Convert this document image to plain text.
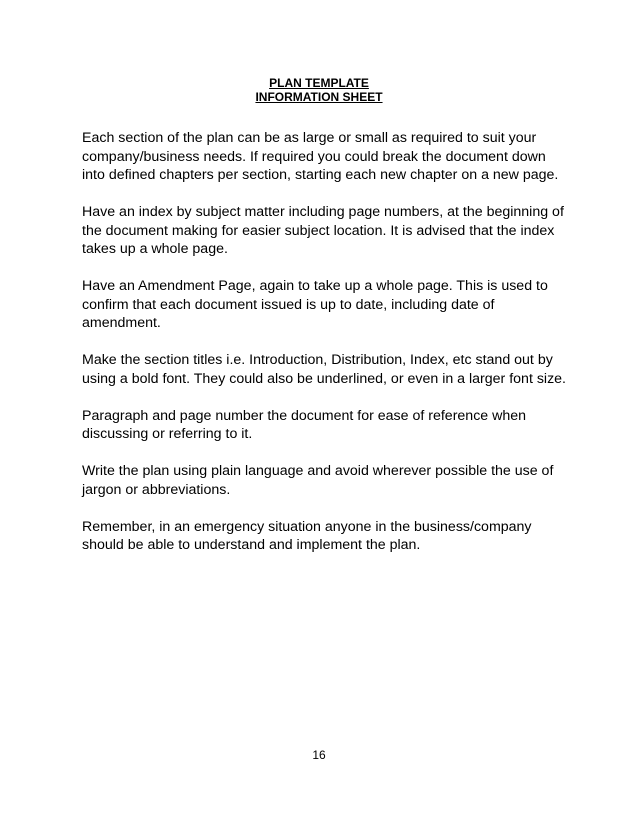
PLAN TEMPLATE
INFORMATION SHEET

Each section of the plan can be as large or small as required to suit your
company/business needs. If required you could break the document down
into defined chapters per section, starting each new chapter on a new page.

Have an index by subject matter including page numbers, at the beginning of
the document making for easier subject location. It is advised that the index
takes up a whole page.

Have an Amendment Page, again to take up a whole page. This is used to
confirm that each document issued is up to date, including date of
amendment.

Make the section titles i.e. Introduction, Distribution, Index, etc stand out by
using a bold font. They could also be underlined, or even in a larger font size.

Paragraph and page number the document for ease of reference when
discussing or referring to it.

Write the plan using plain language and avoid wherever possible the use of
jargon or abbreviations.

Remember, in an emergency situation anyone in the business/company
should be able to understand and implement the plan.

16
